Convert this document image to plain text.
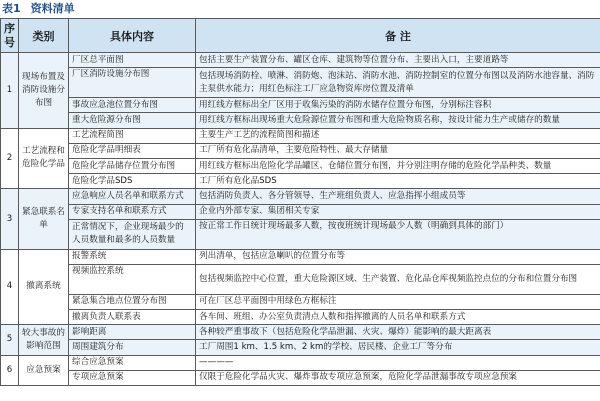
表1 资料清单
序号	类别	具体内容	备 注
1	现场布置及消防设施分布图	厂区总平面图	包括主要生产装置分布、罐区仓库、建筑物等位置分布、主要出入口，主要道路等
		厂区消防设施分布图	包括现场消防栓、喷淋、消防炮、泡沫站、消防水池、消防控制室的位置分布图以及消防水池容量、消防主泵供水能力；用红色标注工厂应急物资库房位置及清单
		事故应急池位置分布图	用红线方框标出全厂区用于收集污染的消防水储存位置分布图，分别标注容积
		重大危险源分布图	用红线方框标出现场重大危险源位置分布图和重大危险物质名称，按设计能力生产或储存的数量
2	工艺流程和危险化学品	工艺流程简图	主要生产工艺的流程简图和描述
		危险化学品明细表	工厂所有危化品清单，主要危险特性、最大存储量
		危险化学品储存位置分布图	用红线方框标出危险化学品罐区、仓储位置分布图，并分别注明存储的危险化学品种类、数量
		危险化学品SDS	工厂所有危化品SDS
3	紧急联系名单	应急响应人员名单和联系方式	包括消防负责人、各分管领导、生产班组负责人、应急指挥小组成员等
		专家支持名单和联系方式	企业内外部专家、集团相关专家
		正常情况下，企业现场最少的人员数量和最多的人员数量	按正常工作日统计现场最多人数，按夜班统计现场最少人数（明确到具体的部门）
4	撤离系统	报警系统	列出清单，包括应急喇叭的位置分布等
		视频监控系统	包括视频监控中心位置，重大危险源区域、生产装置、危化品仓库视频监控点位的分布和位置分布图
		紧急集合地点位置分布图	可在厂区总平面图中用绿色方框标注
		撤离负责人联系表	各车间、班组、办公室负责清点人数和指挥撤离的人员名单和联系方式
5	较大事故的影响范围	影响距离	各种较严重事故下（包括危险化学品泄漏、火灾、爆炸）能影响的最大距离表
		周围建筑分布	工厂周围1 km、1.5 km、2 km的学校、居民楼、企业工厂等分布
6	应急预案	综合应急预案	————
		专项应急预案	仅限于危险化学品火灾、爆炸事故专项应急预案，危险化学品泄漏事故专项应急预案
